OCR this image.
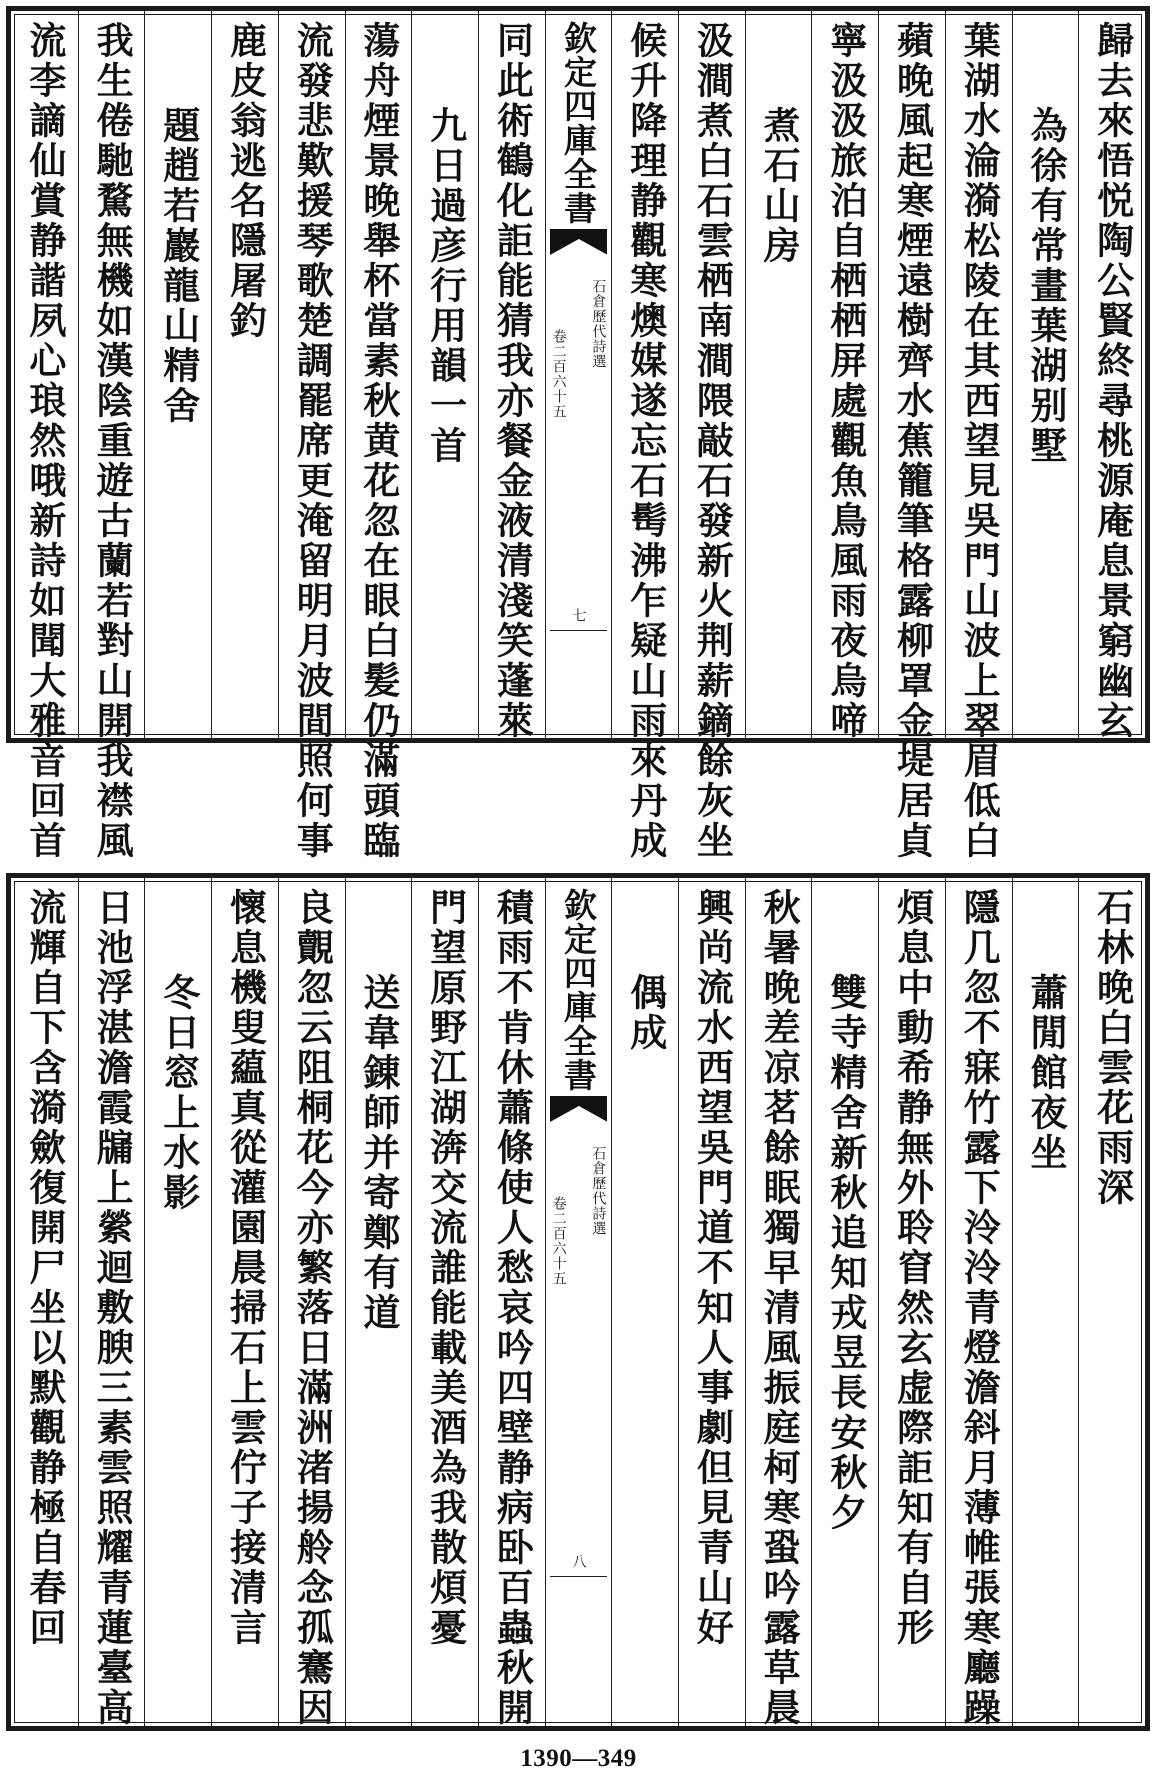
歸去來悟悦陶公賢終尋桃源庵息景窮幽玄
為徐有常畫葉湖别墅
葉湖水淪漪松陵在其西望見吳門山波上翠眉低白
蘋晚風起寒煙遠樹齊水蕉籠筆格露柳罩金堤居貞
寧汲汲旅泊自栖栖屏處觀魚鳥風雨夜烏啼
煮石山房
汲澗煮白石雲栖南澗隈敲石發新火荆薪鏑餘灰坐
候升降理静觀寒燠媒遂忘石髩沸乍疑山雨來丹成
欽定四庫全書
石倉歷代詩選
卷二百六十五
七
同此術鶴化詎能猜我亦餐金液清淺笑蓬萊
九日過彦行用韻一首
蕩舟煙景晚舉杯當素秋黄花忽在眼白髪仍滿頭臨
流發悲歎援琴歌楚調罷席更淹留明月波間照何事
鹿皮翁逃名隱屠釣
題趙若巖龍山精舍
我生倦馳騖無機如漢陰重遊古蘭若對山開我襟風
流李謫仙賞静諧夙心琅然哦新詩如聞大雅音回首
石林晚白雲花雨深
蕭閒館夜坐
隱几忽不寐竹露下泠泠青燈澹斜月薄帷張寒廳躁
煩息中動希静無外聆窅然玄虚際詎知有自形
雙寺精舍新秋追知戎昱長安秋夕
秋暑晚差凉茗餘眠獨早清風振庭柯寒蛩吟露草晨
興尚流水西望吳門道不知人事劇但見青山好
偶成
欽定四庫全書
石倉歷代詩選
卷二百六十五
八
積雨不肯休蕭條使人愁哀吟四壁静病卧百蟲秋開
門望原野江湖渀交流誰能載美酒為我散煩憂
送韋錬師并寄鄭有道
良覿忽云阻桐花今亦繁落日滿洲渚揚舲念孤騫因
懷息機叟藴真從灌園晨掃石上雲佇子接清言
冬日窓上水影
日池浮湛澹霞牖上縈迴敷腴三素雲照耀青蓮臺高
流輝自下含漪歛復開尸坐以默觀静極自春回
1390—349
